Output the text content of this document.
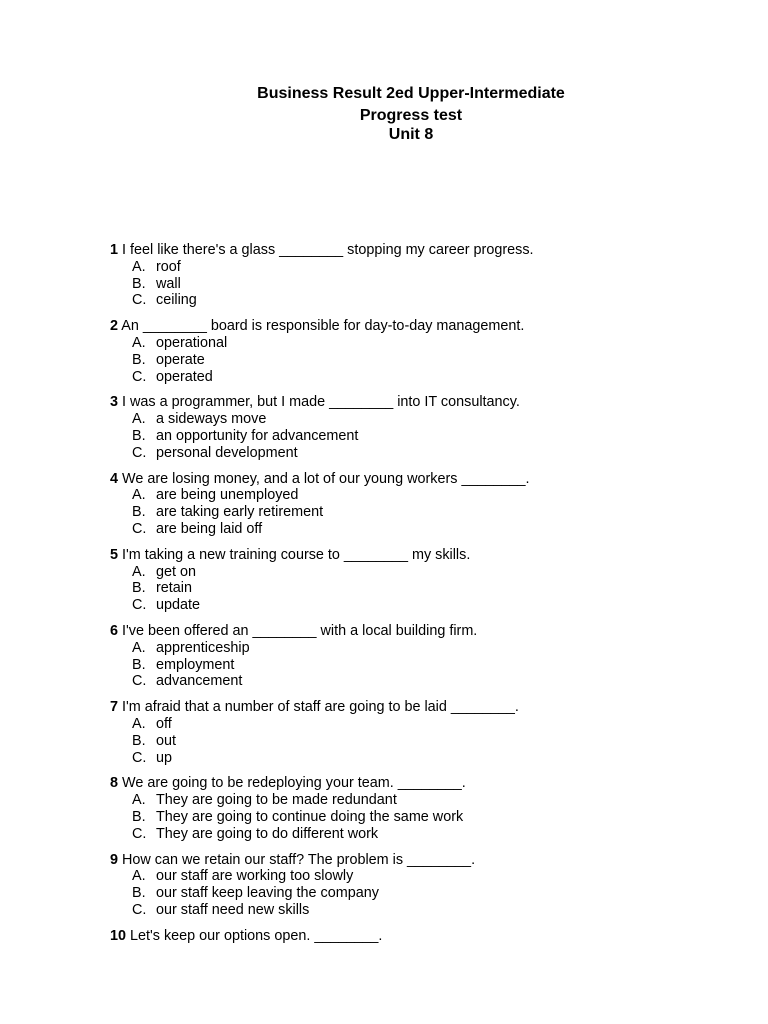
Business Result 2ed Upper-Intermediate
Progress test
Unit 8
1 I feel like there's a glass ________ stopping my career progress.
A. roof
B. wall
C. ceiling
2 An ________ board is responsible for day-to-day management.
A. operational
B. operate
C. operated
3 I was a programmer, but I made ________ into IT consultancy.
A. a sideways move
B. an opportunity for advancement
C. personal development
4 We are losing money, and a lot of our young workers ________.
A. are being unemployed
B. are taking early retirement
C. are being laid off
5 I'm taking a new training course to ________ my skills.
A. get on
B. retain
C. update
6 I've been offered an ________ with a local building firm.
A. apprenticeship
B. employment
C. advancement
7 I'm afraid that a number of staff are going to be laid ________.
A. off
B. out
C. up
8 We are going to be redeploying your team. ________.
A. They are going to be made redundant
B. They are going to continue doing the same work
C. They are going to do different work
9 How can we retain our staff? The problem is ________.
A. our staff are working too slowly
B. our staff keep leaving the company
C. our staff need new skills
10 Let's keep our options open. ________.
